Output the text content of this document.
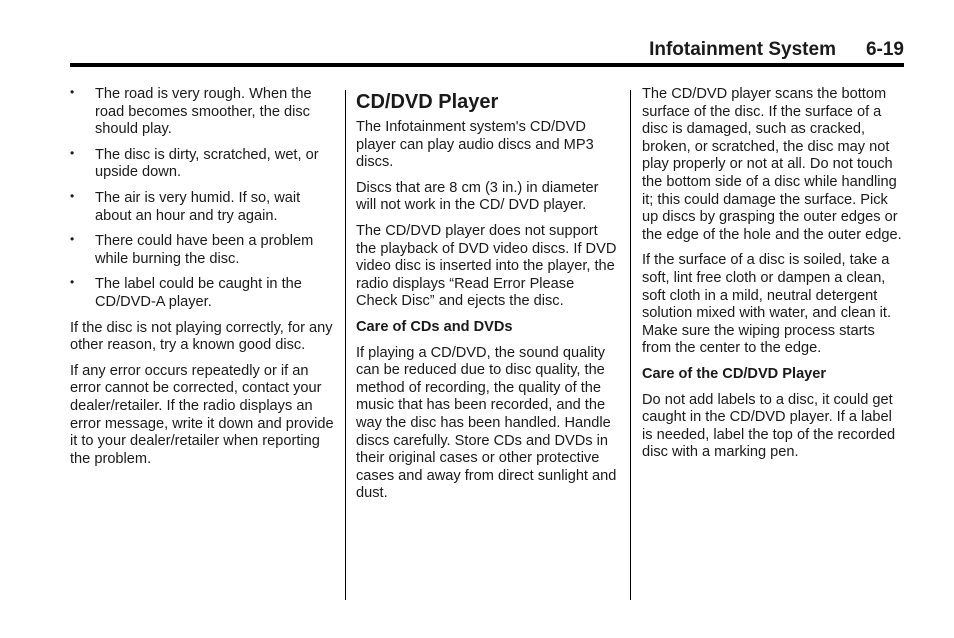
Infotainment System 6-19
• The road is very rough. When the road becomes smoother, the disc should play.
• The disc is dirty, scratched, wet, or upside down.
• The air is very humid. If so, wait about an hour and try again.
• There could have been a problem while burning the disc.
• The label could be caught in the CD/DVD-A player.

If the disc is not playing correctly, for any other reason, try a known good disc.

If any error occurs repeatedly or if an error cannot be corrected, contact your dealer/retailer. If the radio displays an error message, write it down and provide it to your dealer/retailer when reporting the problem.

CD/DVD Player

The Infotainment system's CD/DVD player can play audio discs and MP3 discs.

Discs that are 8 cm (3 in.) in diameter will not work in the CD/ DVD player.

The CD/DVD player does not support the playback of DVD video discs. If DVD video disc is inserted into the player, the radio displays “Read Error Please Check Disc” and ejects the disc.

Care of CDs and DVDs

If playing a CD/DVD, the sound quality can be reduced due to disc quality, the method of recording, the quality of the music that has been recorded, and the way the disc has been handled. Handle discs carefully. Store CDs and DVDs in their original cases or other protective cases and away from direct sunlight and dust.

The CD/DVD player scans the bottom surface of the disc. If the surface of a disc is damaged, such as cracked, broken, or scratched, the disc may not play properly or not at all. Do not touch the bottom side of a disc while handling it; this could damage the surface. Pick up discs by grasping the outer edges or the edge of the hole and the outer edge.

If the surface of a disc is soiled, take a soft, lint free cloth or dampen a clean, soft cloth in a mild, neutral detergent solution mixed with water, and clean it. Make sure the wiping process starts from the center to the edge.

Care of the CD/DVD Player

Do not add labels to a disc, it could get caught in the CD/DVD player. If a label is needed, label the top of the recorded disc with a marking pen.
